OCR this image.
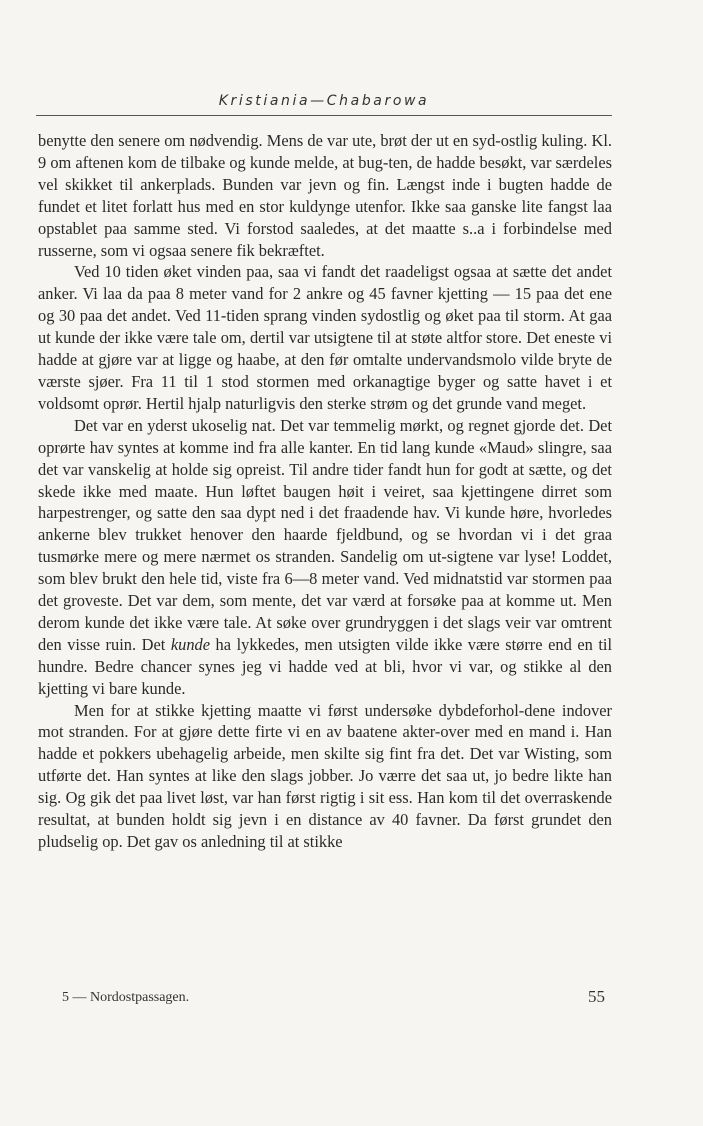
Kristiania—Chabarowa

benytte den senere om nødvendig. Mens de var ute, brøt der ut en syd-ostlig kuling. Kl. 9 om aftenen kom de tilbake og kunde melde, at bug-ten, de hadde besøkt, var særdeles vel skikket til ankerplads. Bunden var jevn og fin. Længst inde i bugten hadde de fundet et litet forlatt hus med en stor kuldynge utenfor. Ikke saa ganske lite fangst laa opstablet paa samme sted. Vi forstod saaledes, at det maatte s..a i forbindelse med russerne, som vi ogsaa senere fik bekræftet.

Ved 10 tiden øket vinden paa, saa vi fandt det raadeligst ogsaa at sætte det andet anker. Vi laa da paa 8 meter vand for 2 ankre og 45 favner kjetting — 15 paa det ene og 30 paa det andet. Ved 11-tiden sprang vinden sydostlig og øket paa til storm. At gaa ut kunde der ikke være tale om, dertil var utsigtene til at støte altfor store. Det eneste vi hadde at gjøre var at ligge og haabe, at den før omtalte undervandsmolo vilde bryte de værste sjøer. Fra 11 til 1 stod stormen med orkanagtige byger og satte havet i et voldsomt oprør. Hertil hjalp naturligvis den sterke strøm og det grunde vand meget.

Det var en yderst ukoselig nat. Det var temmelig mørkt, og regnet gjorde det. Det oprørte hav syntes at komme ind fra alle kanter. En tid lang kunde «Maud» slingre, saa det var vanskelig at holde sig opreist. Til andre tider fandt hun for godt at sætte, og det skede ikke med maate. Hun løftet baugen høit i veiret, saa kjettingene dirret som harpestrenger, og satte den saa dypt ned i det fraadende hav. Vi kunde høre, hvorledes ankerne blev trukket henover den haarde fjeldbund, og se hvordan vi i det graa tusmørke mere og mere nærmet os stranden. Sandelig om ut-sigtene var lyse! Loddet, som blev brukt den hele tid, viste fra 6—8 meter vand. Ved midnatstid var stormen paa det groveste. Det var dem, som mente, det var værd at forsøke paa at komme ut. Men derom kunde det ikke være tale. At søke over grundryggen i det slags veir var omtrent den visse ruin. Det kunde ha lykkedes, men utsigten vilde ikke være større end en til hundre. Bedre chancer synes jeg vi hadde ved at bli, hvor vi var, og stikke al den kjetting vi bare kunde.

Men for at stikke kjetting maatte vi først undersøke dybdeforhol-dene indover mot stranden. For at gjøre dette firte vi en av baatene akter-over med en mand i. Han hadde et pokkers ubehagelig arbeide, men skilte sig fint fra det. Det var Wisting, som utførte det. Han syntes at like den slags jobber. Jo værre det saa ut, jo bedre likte han sig. Og gik det paa livet løst, var han først rigtig i sit ess. Han kom til det overraskende resultat, at bunden holdt sig jevn i en distance av 40 favner. Da først grundet den pludselig op. Det gav os anledning til at stikke

5 — Nordostpassagen.	55
